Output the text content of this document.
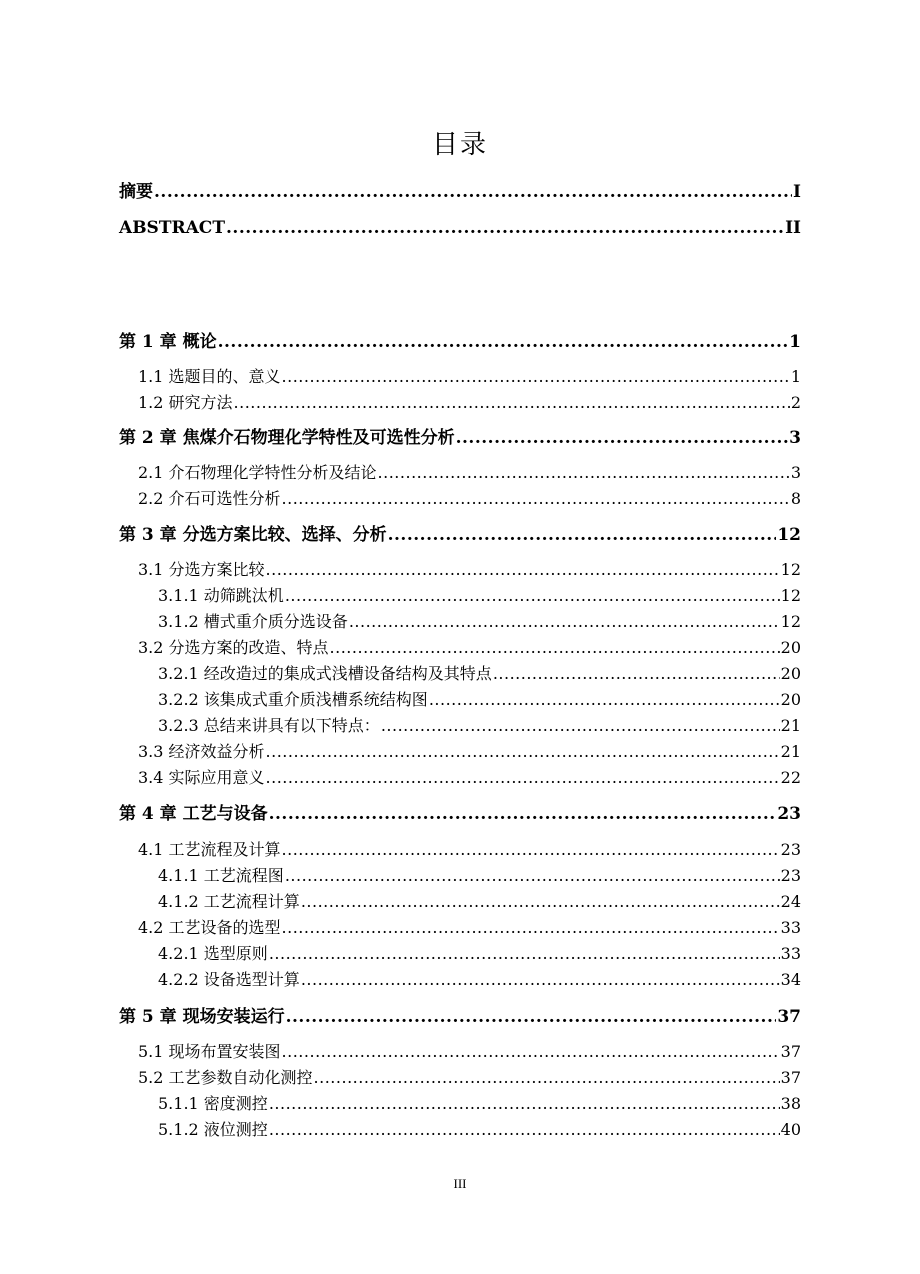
目录
摘要 .....	I
ABSTRACT .....	II
第 1 章 概论 .....	1
1.1 选题目的、意义 .....	1
1.2 研究方法 .....	2
第 2 章 焦煤介石物理化学特性及可选性分析 .....	3
2.1 介石物理化学特性分析及结论 .....	3
2.2 介石可选性分析 .....	8
第 3 章 分选方案比较、选择、分析 .....	12
3.1 分选方案比较 .....	12
3.1.1 动筛跳汰机 .....	12
3.1.2 槽式重介质分选设备 .....	12
3.2 分选方案的改造、特点 .....	20
3.2.1 经改造过的集成式浅槽设备结构及其特点 .....	20
3.2.2 该集成式重介质浅槽系统结构图 .....	20
3.2.3 总结来讲具有以下特点： .....	21
3.3 经济效益分析 .....	21
3.4 实际应用意义 .....	22
第 4 章 工艺与设备 .....	23
4.1 工艺流程及计算 .....	23
4.1.1 工艺流程图 .....	23
4.1.2 工艺流程计算 .....	24
4.2 工艺设备的选型 .....	33
4.2.1 选型原则 .....	33
4.2.2 设备选型计算 .....	34
第 5 章 现场安装运行 .....	37
5.1 现场布置安装图 .....	37
5.2 工艺参数自动化测控 .....	37
5.1.1 密度测控 .....	38
5.1.2 液位测控 .....	40
III
